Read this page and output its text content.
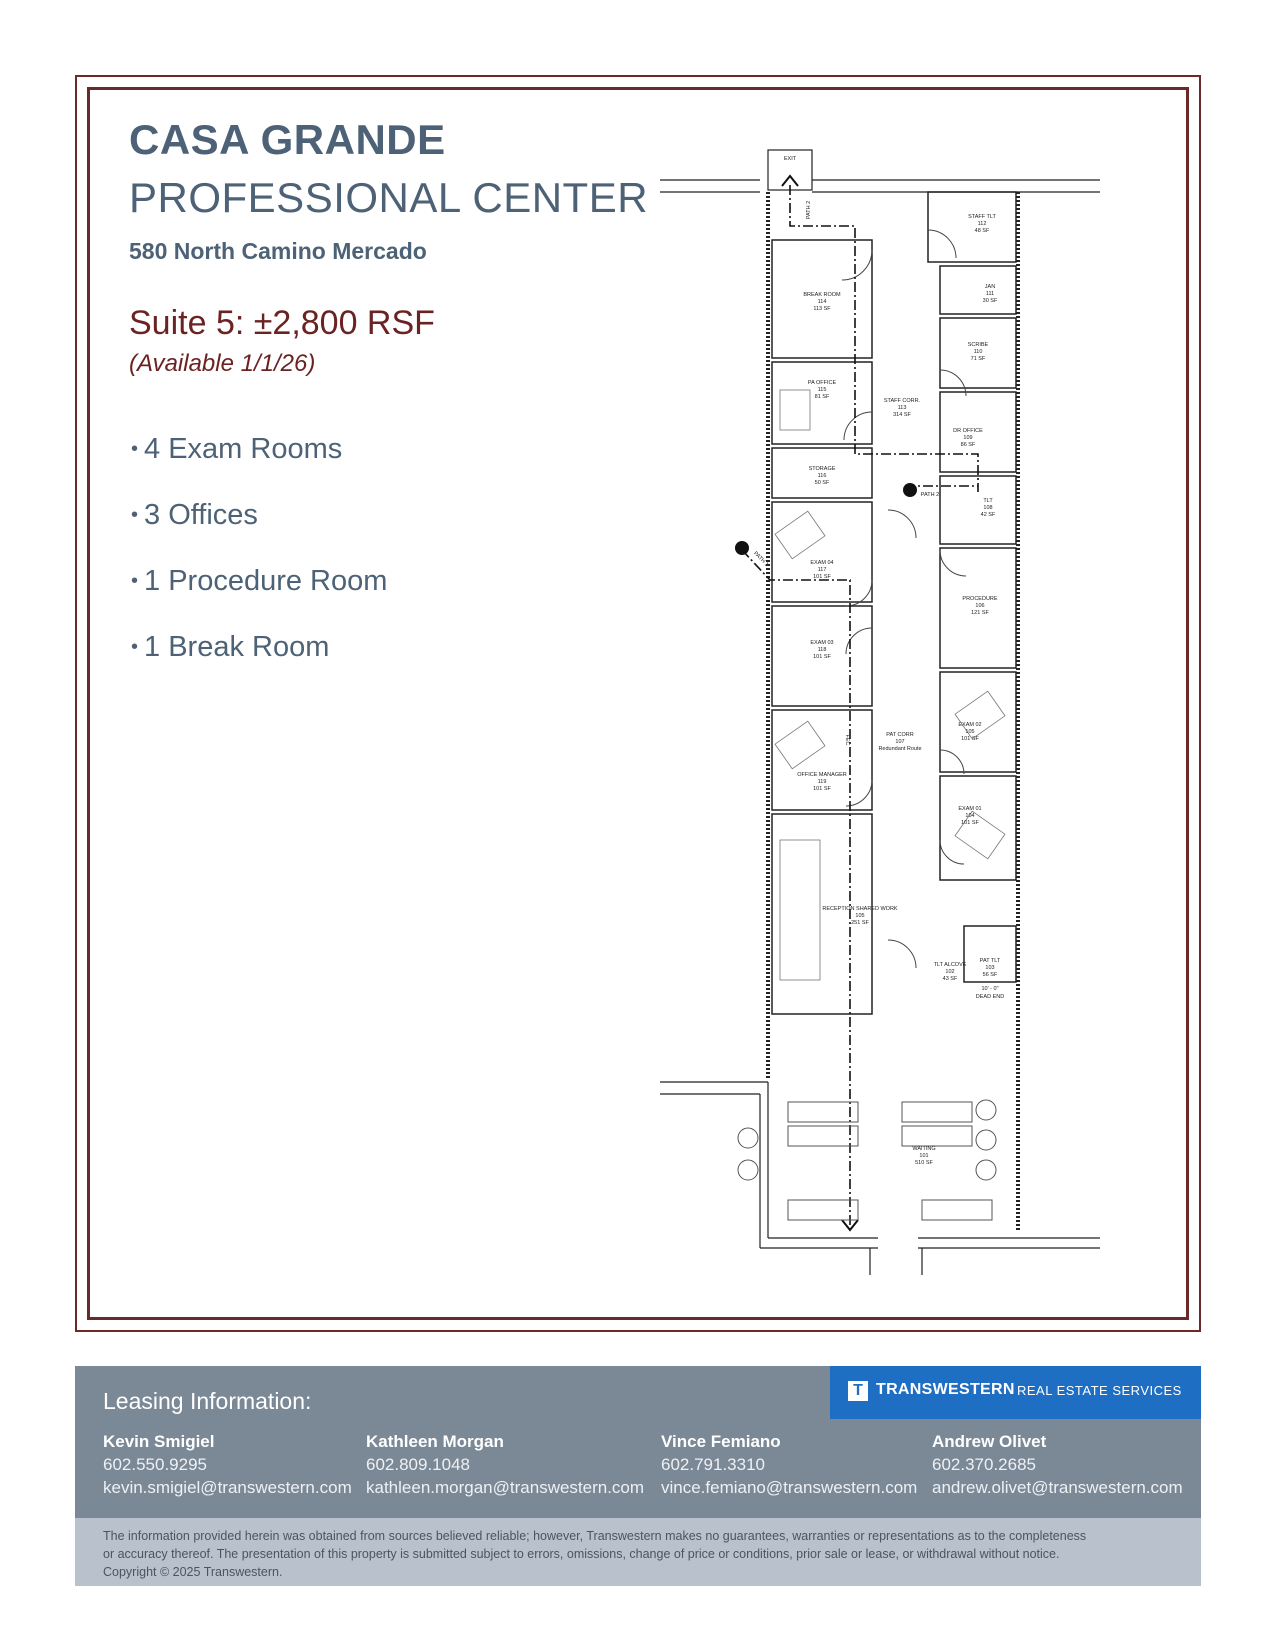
CASA GRANDE
PROFESSIONAL CENTER
580 North Camino Mercado
Suite 5: ±2,800 RSF
(Available 1/1/26)
• 4 Exam Rooms
• 3 Offices
• 1 Procedure Room
• 1 Break Room
BREAK ROOM
114
113 SF
PA OFFICE
115
81 SF
STORAGE
116
50 SF
EXAM 04
117
101 SF
EXAM 03
118
101 SF
OFFICE MANAGER
119
101 SF
RECEPTION SHARED WORK
105
251 SF
STAFF TLT
112
48 SF
JAN
111
30 SF
SCRIBE
110
71 SF
STAFF CORR.
113
314 SF
DR OFFICE
109
86 SF
TLT
108
42 SF
PROCEDURE
106
121 SF
EXAM 02
105
101 SF
PAT CORR
107
Redundant Route
EXAM 01
104
101 SF
PAT TLT
103
56 SF
TLT ALCOVE
102
43 SF
WAITING
101
510 SF
10' - 0"
DEAD END
EXIT
FEC
PATH 1
PATH 2
PATH 2
T TRANSWESTERN REAL ESTATE SERVICES
Leasing Information:
Kevin Smigiel
602.550.9295
kevin.smigiel@transwestern.com
Kathleen Morgan
602.809.1048
kathleen.morgan@transwestern.com
Vince Femiano
602.791.3310
vince.femiano@transwestern.com
Andrew Olivet
602.370.2685
andrew.olivet@transwestern.com
The information provided herein was obtained from sources believed reliable; however, Transwestern makes no guarantees, warranties or representations as to the completeness
or accuracy thereof. The presentation of this property is submitted subject to errors, omissions, change of price or conditions, prior sale or lease, or withdrawal without notice.
Copyright © 2025 Transwestern.
